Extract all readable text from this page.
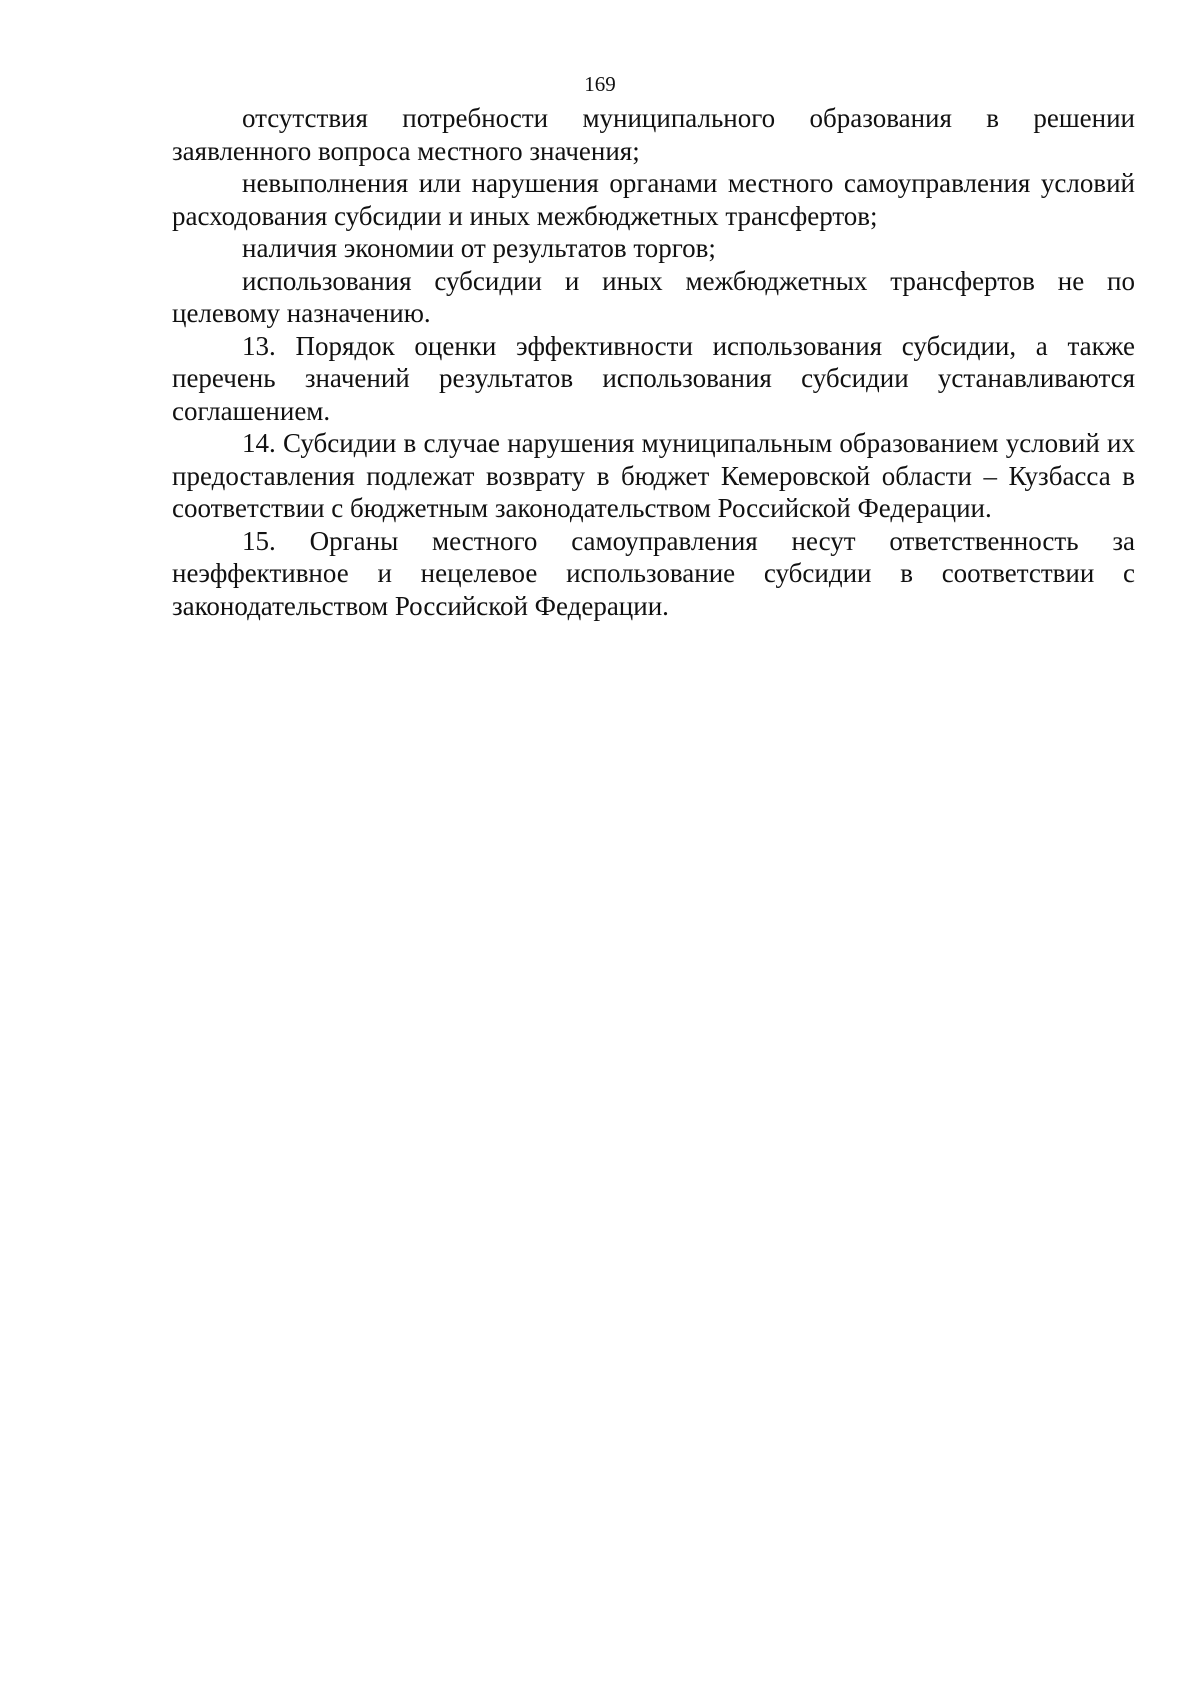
169

отсутствия потребности муниципального образования в решении заявленного вопроса местного значения;

невыполнения или нарушения органами местного самоуправления условий расходования субсидии и иных межбюджетных трансфертов;

наличия экономии от результатов торгов;

использования субсидии и иных межбюджетных трансфертов не по целевому назначению.

13. Порядок оценки эффективности использования субсидии, а также перечень значений результатов использования субсидии устанавливаются соглашением.

14. Субсидии в случае нарушения муниципальным образованием условий их предоставления подлежат возврату в бюджет Кемеровской области – Кузбасса в соответствии с бюджетным законодательством Российской Федерации.

15. Органы местного самоуправления несут ответственность за неэффективное и нецелевое использование субсидии в соответствии с законодательством Российской Федерации.
